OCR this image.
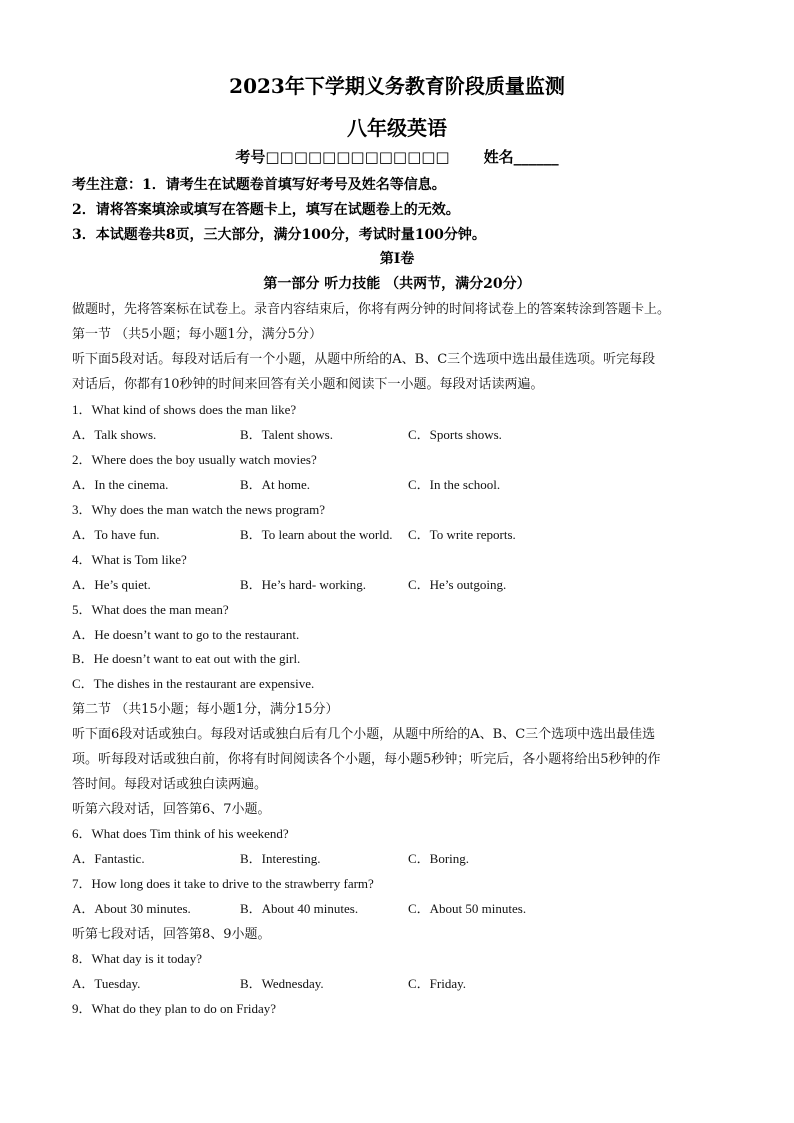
2023年下学期义务教育阶段质量监测
八年级英语
考号□□□□□□□□□□□□□ 姓名______
考生注意：1．请考生在试题卷首填写好考号及姓名等信息。
2．请将答案填涂或填写在答题卡上，填写在试题卷上的无效。
3．本试题卷共8页，三大部分，满分100分，考试时量100分钟。
第Ⅰ卷
第一部分 听力技能 （共两节，满分20分）
做题时，先将答案标在试卷上。录音内容结束后，你将有两分钟的时间将试卷上的答案转涂到答题卡上。
第一节 （共5小题；每小题1分，满分5分）
听下面5段对话。每段对话后有一个小题，从题中所给的A、B、C三个选项中选出最佳选项。听完每段
对话后，你都有10秒钟的时间来回答有关小题和阅读下一小题。每段对话读两遍。
1．What kind of shows does the man like?
A．Talk shows.	B．Talent shows.	C．Sports shows.
2．Where does the boy usually watch movies?
A．In the cinema.	B．At home.	C．In the school.
3．Why does the man watch the news program?
A．To have fun.	B．To learn about the world. C．To write reports.
4．What is Tom like?
A．He’s quiet.	B．He’s hard- working.	C．He’s outgoing.
5．What does the man mean?
A．He doesn’t want to go to the restaurant.
B．He doesn’t want to eat out with the girl.
C．The dishes in the restaurant are expensive.
第二节 （共15小题；每小题1分，满分15分）
听下面6段对话或独白。每段对话或独白后有几个小题，从题中所给的A、B、C三个选项中选出最佳选
项。听每段对话或独白前，你将有时间阅读各个小题，每小题5秒钟；听完后，各小题将给出5秒钟的作
答时间。每段对话或独白读两遍。
听第六段对话，回答第6、7小题。
6．What does Tim think of his weekend?
A．Fantastic.	B．Interesting.	C．Boring.
7．How long does it take to drive to the strawberry farm?
A．About 30 minutes.	B．About 40 minutes.	C．About 50 minutes.
听第七段对话，回答第8、9小题。
8．What day is it today?
A．Tuesday.	B．Wednesday.	C．Friday.
9．What do they plan to do on Friday?
